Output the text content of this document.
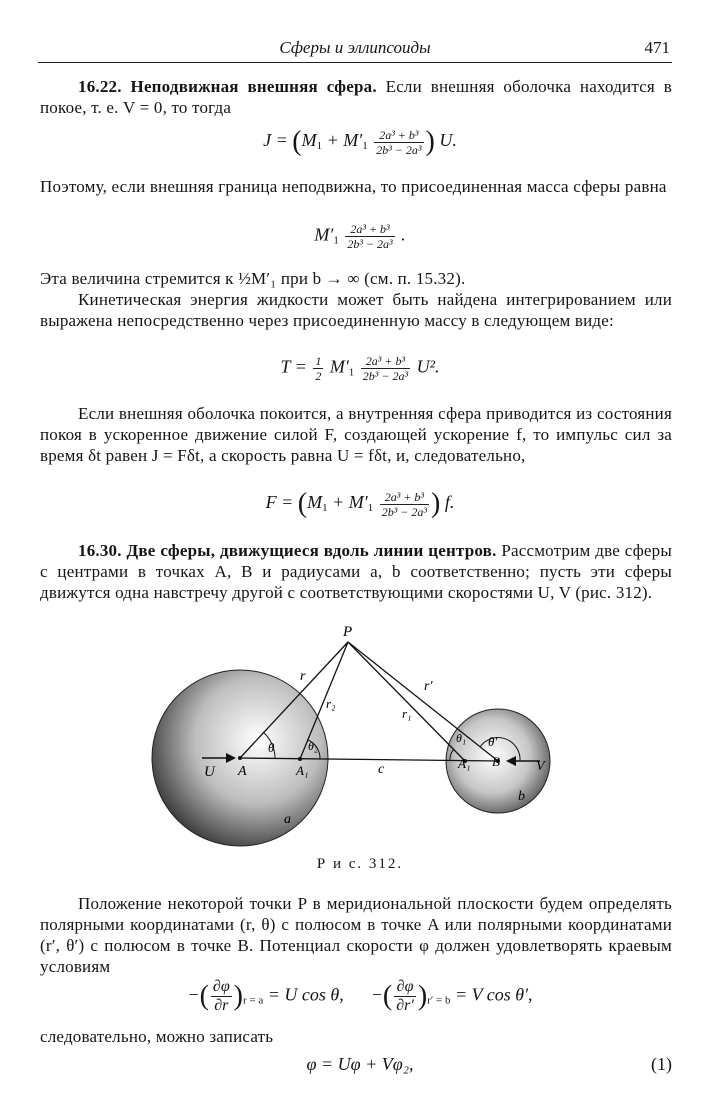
Сферы и эллипсоиды	471

16.22. Неподвижная внешняя сфера. Если внешняя оболочка находится в покое, т. е. V = 0, то тогда

$J = (M_1 + M'_1 \frac{\text{2a³ + b³}}{\text{2b³ − 2a³}}$ ) U.

Поэтому, если внешняя граница неподвижна, то присоединенная масса сферы равна

$M'_1 \frac{\text{2a³ + b³}}{\text{2b³ − 2a³}}$ .

Эта величина стремится к ½M′₁ при b → ∞ (см. п. 15.32).

Кинетическая энергия жидкости может быть найдена интегрированием или выражена непосредственно через присоединенную массу в следующем виде:

$T = \frac{1}{2} M'_1 \frac{\text{2a³ + b³}}{\text{2b³ − 2a³}} U^2$.

Если внешняя оболочка покоится, а внутренняя сфера приводится из состояния покоя в ускоренное движение силой F, создающей ускорение f, то импульс сил за время δt равен J = Fδt, а скорость равна U = fδt, и, следовательно,

$F = (M_1 + M'_1 \frac{\text{2a³ + b³}}{\text{2b³ − 2a³}}$ ) f.

16.30. Две сферы, движущиеся вдоль линии центров. Рассмотрим две сферы с центрами в точках A, B и радиусами a, b соответственно; пусть эти сферы движутся одна навстречу другой с соответствующими скоростями U, V (рис. 312).

P
r
r₂
r′
r₁
θ	θ₂
θ₁ θ′
A	A₁	A₁ B
c
U	V
a
b
Р и с. 312.

Положение некоторой точки P в меридиональной плоскости будем определять полярными координатами (r, θ) с полюсом в точке A или полярными координатами (r′, θ′) с полюсом в точке B. Потенциал скорости φ должен удовлетворять краевым условиям

−( $\frac{\partial\varphi}{\partial r} )_{r = a} = U$ cos θ, −( $\frac{\partial\varphi}{\partial r'} )_{r' = b} = V$ cos θ′,

следовательно, можно записать

φ = Uφ + Vφ₂,	(1)
